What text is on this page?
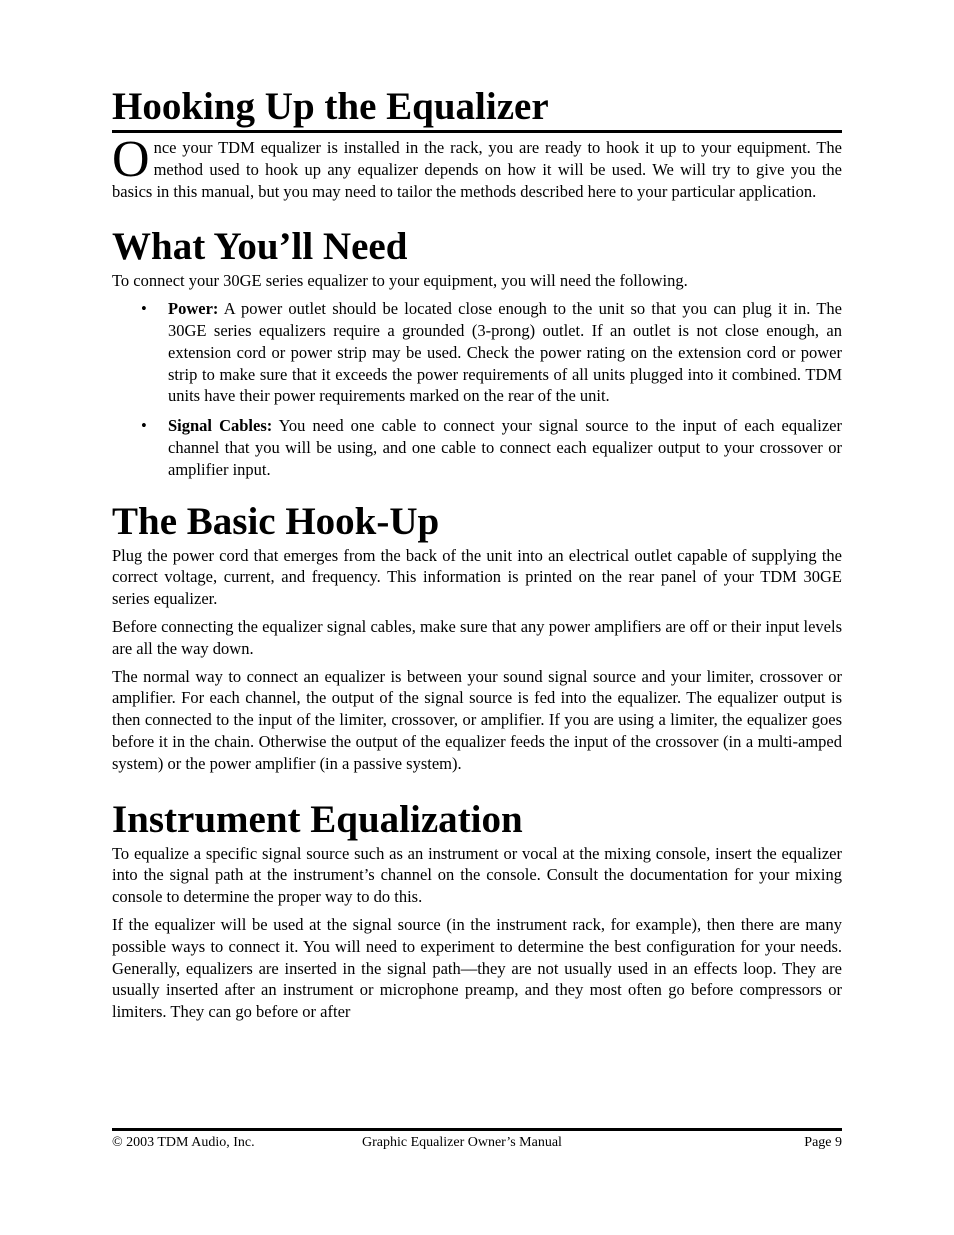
Hooking Up the Equalizer

Once your TDM equalizer is installed in the rack, you are ready to hook it up to your equipment. The method used to hook up any equalizer depends on how it will be used. We will try to give you the basics in this manual, but you may need to tailor the methods described here to your particular application.

What You’ll Need

To connect your 30GE series equalizer to your equipment, you will need the following.

• Power: A power outlet should be located close enough to the unit so that you can plug it in. The 30GE series equalizers require a grounded (3-prong) outlet. If an outlet is not close enough, an extension cord or power strip may be used. Check the power rating on the extension cord or power strip to make sure that it exceeds the power requirements of all units plugged into it combined. TDM units have their power requirements marked on the rear of the unit.
• Signal Cables: You need one cable to connect your signal source to the input of each equalizer channel that you will be using, and one cable to connect each equalizer output to your crossover or amplifier input.
The Basic Hook-Up

Plug the power cord that emerges from the back of the unit into an electrical outlet capable of supplying the correct voltage, current, and frequency. This information is printed on the rear panel of your TDM 30GE series equalizer.

Before connecting the equalizer signal cables, make sure that any power amplifiers are off or their input levels are all the way down.

The normal way to connect an equalizer is between your sound signal source and your limiter, crossover or amplifier. For each channel, the output of the signal source is fed into the equalizer. The equalizer output is then connected to the input of the limiter, crossover, or amplifier. If you are using a limiter, the equalizer goes before it in the chain. Otherwise the output of the equalizer feeds the input of the crossover (in a multi-amped system) or the power amplifier (in a passive system).

Instrument Equalization

To equalize a specific signal source such as an instrument or vocal at the mixing console, insert the equalizer into the signal path at the instrument’s channel on the console. Consult the documentation for your mixing console to determine the proper way to do this.

If the equalizer will be used at the signal source (in the instrument rack, for example), then there are many possible ways to connect it. You will need to experiment to determine the best configuration for your needs. Generally, equalizers are inserted in the signal path—they are not usually used in an effects loop. They are usually inserted after an instrument or microphone preamp, and they most often go before compressors or limiters. They can go before or after

© 2003 TDM Audio, Inc.	Graphic Equalizer Owner’s Manual	Page 9
